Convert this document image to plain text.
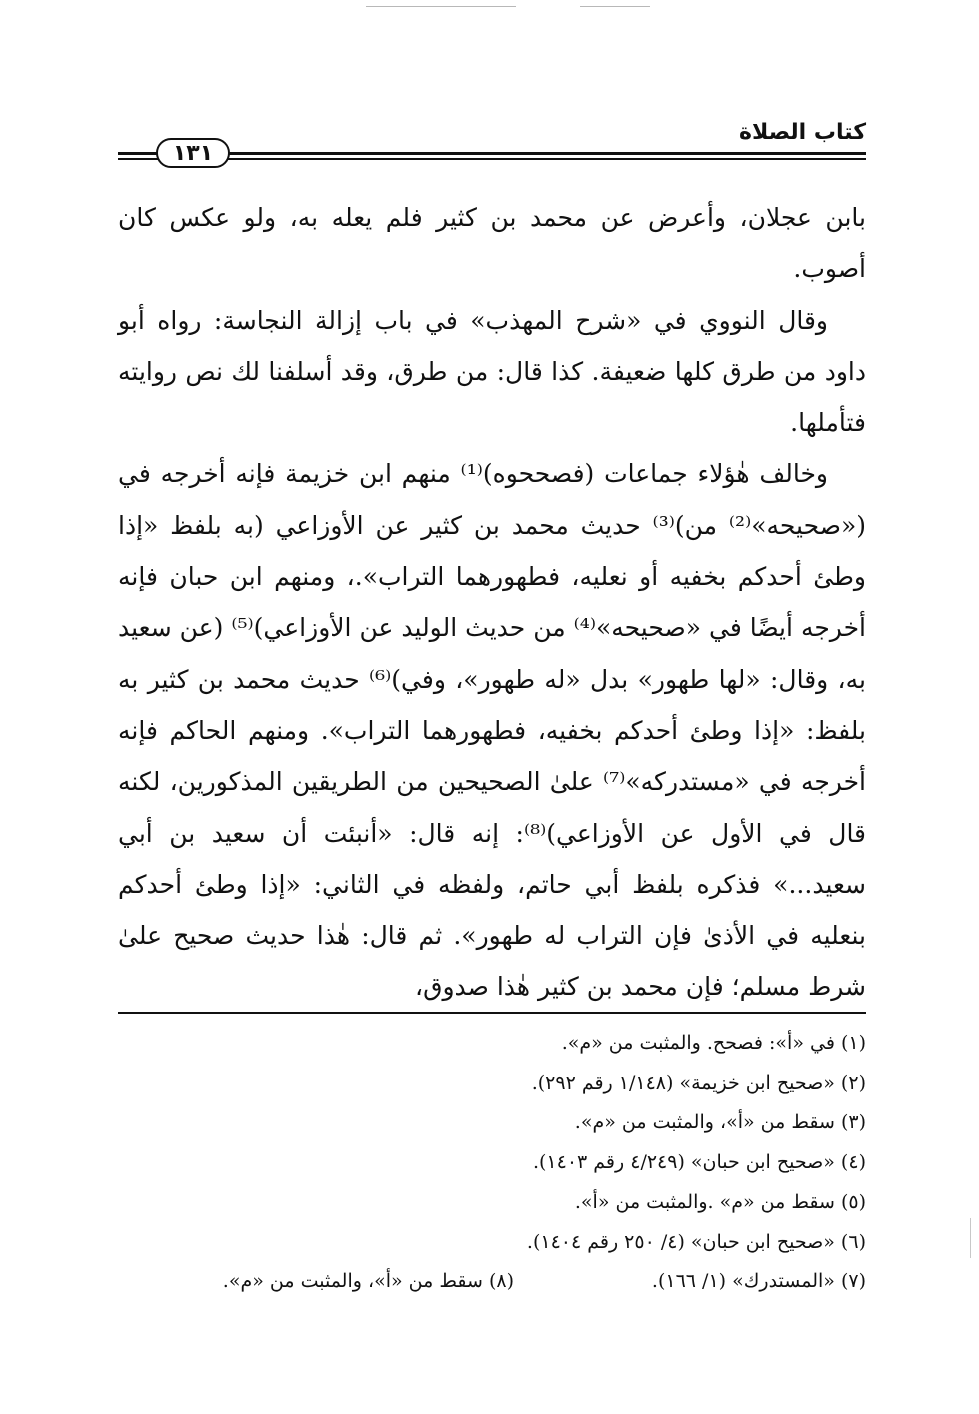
كتاب الصلاة
١٣١

بابن عجلان، وأعرض عن محمد بن كثير فلم يعله به، ولو عكس كان أصوب.

وقال النووي في «شرح المهذب» في باب إزالة النجاسة: رواه أبو داود من طرق كلها ضعيفة. كذا قال: من طرق، وقد أسلفنا لك نص روايته فتأملها.

وخالف هٰؤلاء جماعات (فصححوه)⁽¹⁾ منهم ابن خزيمة فإنه أخرجه في («صحيحه»⁽²⁾ من)⁽³⁾ حديث محمد بن كثير عن الأوزاعي (به بلفظ «إذا وطئ أحدكم بخفيه أو نعليه، فطهورهما التراب».، ومنهم ابن حبان فإنه أخرجه أيضًا في «صحيحه»⁽⁴⁾ من حديث الوليد عن الأوزاعي)⁽⁵⁾ (عن سعيد به، وقال: «لها طهور» بدل «له طهور»، وفي)⁽⁶⁾ حديث محمد بن كثير به بلفظ: «إذا وطئ أحدكم بخفيه، فطهورهما التراب». ومنهم الحاكم فإنه أخرجه في «مستدركه»⁽⁷⁾ علىٰ الصحيحين من الطريقين المذكورين، لكنه قال في الأول عن الأوزاعي)⁽⁸⁾: إنه قال: «أنبئت أن سعيد بن أبي سعيد...» فذكره بلفظ أبي حاتم، ولفظه في الثاني: «إذا وطئ أحدكم بنعليه في الأذىٰ فإن التراب له طهور». ثم قال: هٰذا حديث صحيح علىٰ شرط مسلم؛ فإن محمد بن كثير هٰذا صدوق،

(١) في «أ»: فصحح. والمثبت من «م».
(٢) «صحيح ابن خزيمة» (١/١٤٨ رقم ٢٩٢).
(٣) سقط من «أ»، والمثبت من «م».
(٤) «صحيح ابن حبان» (٤/٢٤٩ رقم ١٤٠٣).
(٥) سقط من «م» .والمثبت من «أ».
(٦) «صحيح ابن حبان» (٤/ ٢٥٠ رقم ١٤٠٤).
(٧) «المستدرك» (١/ ١٦٦).
(٨) سقط من «أ»، والمثبت من «م».
